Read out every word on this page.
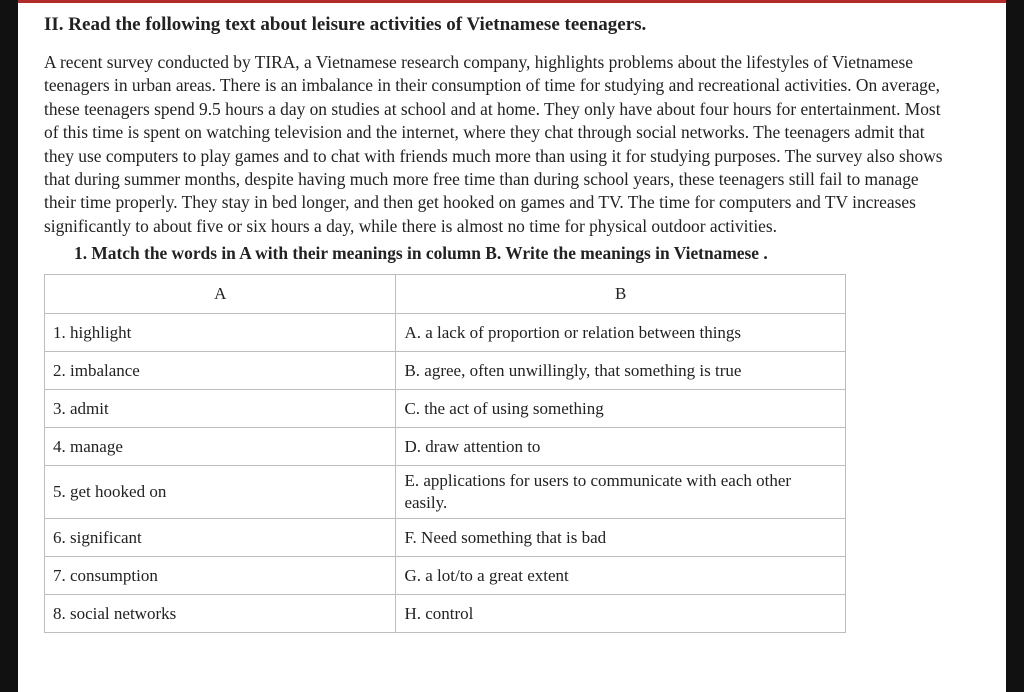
II. Read the following text about leisure activities of Vietnamese teenagers.

A recent survey conducted by TIRA, a Vietnamese research company, highlights problems about the lifestyles of Vietnamese teenagers in urban areas. There is an imbalance in their consumption of time for studying and recreational activities. On average, these teenagers spend 9.5 hours a day on studies at school and at home. They only have about four hours for entertainment. Most of this time is spent on watching television and the internet, where they chat through social networks. The teenagers admit that they use computers to play games and to chat with friends much more than using it for studying purposes. The survey also shows that during summer months, despite having much more free time than during school years, these teenagers still fail to manage their time properly. They stay in bed longer, and then get hooked on games and TV. The time for computers and TV increases significantly to about five or six hours a day, while there is almost no time for physical outdoor activities.

1. Match the words in A with their meanings in column B. Write the meanings in Vietnamese .

A	B
1. highlight	A. a lack of proportion or relation between things
2. imbalance	B. agree, often unwillingly, that something is true
3. admit	C. the act of using something
4. manage	D. draw attention to
5. get hooked on	E. applications for users to communicate with each other easily.
6. significant	F. Need something that is bad
7. consumption	G. a lot/to a great extent
8. social networks	H. control
